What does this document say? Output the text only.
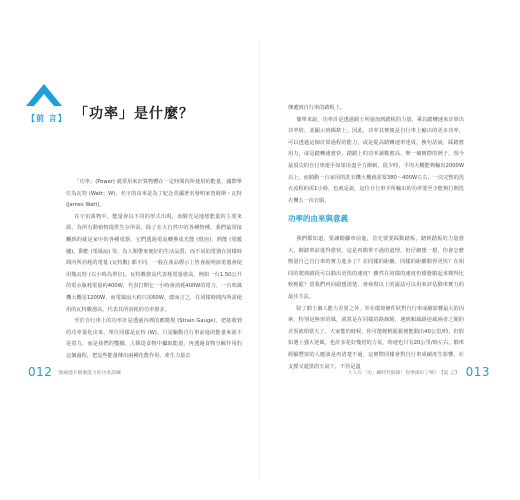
【前 言】 「功率」是什麼？

「功率」(Power) 就常用來計算物體在一定時間內所使用的能量，國際單位為瓦特 (Watt；W)，名字的由來是為了紀念英國著名發明家詹姆斯・瓦特 (James Watt)。

在宇宙萬物中，能量會以不同的形式出現，而騎光是地球能量的主要來源。為所有動植物提供生存所需。除了在大自然中的各種物種，我們最常接觸到的就是家中的各種電器，它們透過電流轉換成光能 (燈泡)、熱能 (電暖爐)、動能 (電風扇) 等，為人類帶來便好的生活品質，而不同的電器在同樣時間內所消耗的電量 (瓦特數) 都不同，一般在產品標示上皆會說明該電器會使用幾瓦特 (以小時為單位)。瓦特數愈高代表耗電量愈高，例如一台1.50公升的電水瓶耗電量約400W，代表打開它一小時會消耗400W的電力，一台吹風機大概是1200W，而電風扇大約只需60W。總而言之，在同樣時間內所需使用的瓦特數愈高，代表其所消耗的功率愈多。

至於自行車上的功率計是透過內裡的應變規 (Strain Gauge)，把接收到的功率量化出來，單位同樣是瓦特 (W)。只是驅動自行車前進的能量來源不是電力，而是我們的雙腳。人類從食物中攝取能量，再透過食物分解作用的這個過程，把這些能量傳出兩種化能作用，產生力量去

012 無痛提升騎乘能力的功率訓練

傳遞到自行車的踏板上。

簡單來說，功率計是透過騎士所施加到踏板的力量，乘以踏轉速來計算出功率值，並顯示到碼錶上。因此，功率其實便是自行車上輸出的更多功率，可以透過這個計算過程的能力，或是提高踏轉速率達成，換句話說，踩踏愈用力，或是踏轉速愈快，踏踏上的功率讀數愈高。舉一個實際的例子，現今最頂尖的自行車運手如果用盡全力衝刺，很少時，平均大概能夠輸出2000W以上，而騎動一台家用的洗衣機大概就需要380～400W左右，一次完整的洗衣流程約需1小時，也就是說，這位自行車手所輸出的功率要至少能夠打開洗衣機五一次衣服。

功率的由來與意義

我們都知道，要讓騎腳車前進，首先要要踩動踏板，踏到踏板的力量愈大，騎踏車前進得愈快，這是再簡單不過的道理，但仔細想一想，你會怎麼衡量自己自行車的實力進步了？在同樣的距離，同樣的距離騎得更快？在相同的爬坡路段可以騎出更快的速度？雖然在同樣的速度但感覺騎起來變得比較輕鬆？當我們再回頭想清楚，會發現以上的說法可以用來評估騎車實力的最佳方法。

除了騎士個人能力差異之外，外在環境條件狀對自行車成績影響最大的因素，特別是無形的風，就算是在同樣的路線騎，遇到順風路逆風兩者之間的差異就相當大了，大家能的時候，你可能輕輕鬆鬆便能騎出40公里/時，但假如遇上強大逆風，也許多花好幾倍的力氣，時速也只有20公里/時左右。騎車經驗豐富的人應該是再清楚不過，這實際同樣會對自行車成績產生影響，在支撐又還黑的天氣下，不管是溫

人人有「功」練時代開啟！你準備好了嗎？【前 言】 013
